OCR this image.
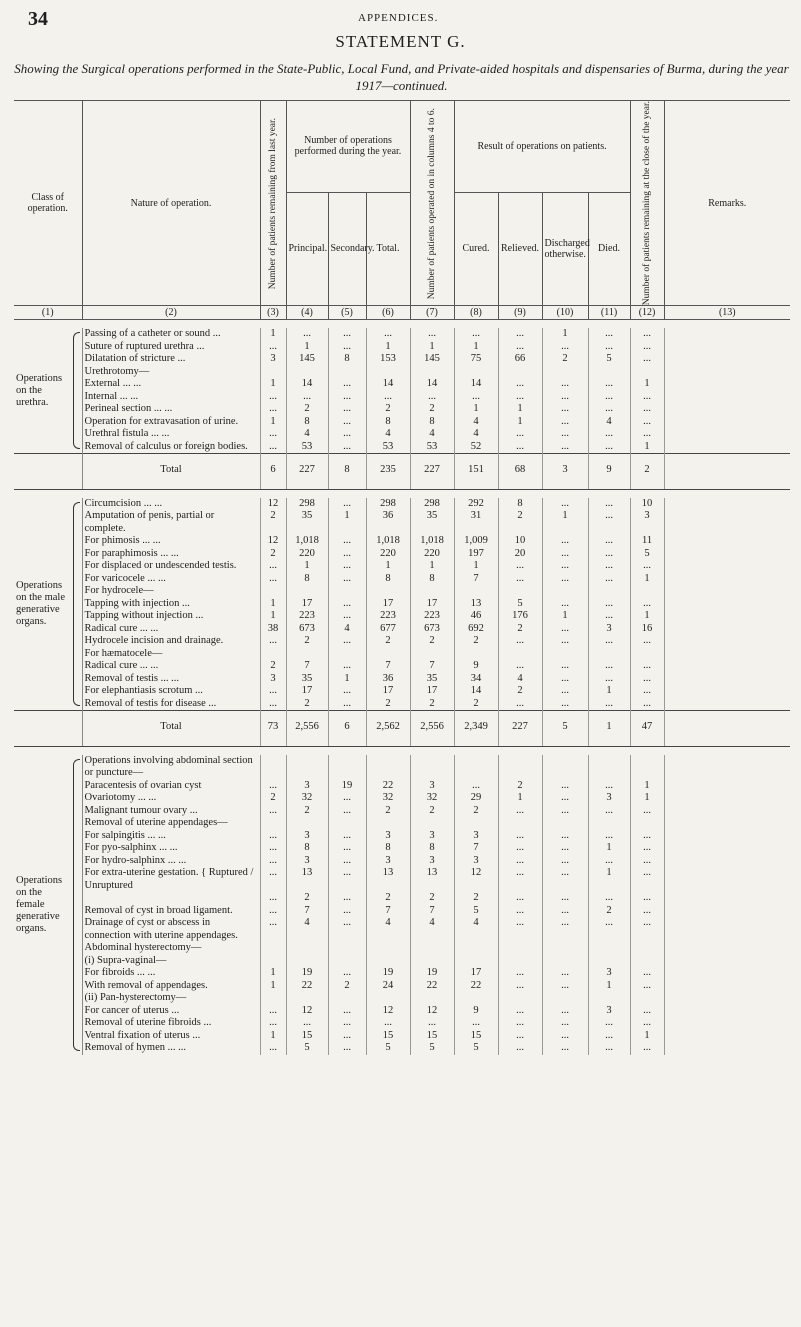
34	APPENDICES.
STATEMENT G.
Showing the Surgical operations performed in the State-Public, Local Fund, and Private-aided hospitals and dispensaries of Burma, during the year 1917—continued.
Class of operation.	Nature of operation.	Number of patients remaining from last year.	Number of operations performed during the year.			Number of patients operated on in columns 4 to 6.	Result of operations on patients.				Number of patients remaining at the close of the year.	Remarks.
			Principal.	Secondary.	Total.		Cured.	Relieved.	Discharged otherwise.	Died.		
(1)	(2)	(3)	(4)	(5)	(6)	(7)	(8)	(9)	(10)	(11)	(12)	(13)

Operations on the urethra.	Passing of a catheter or sound ...	1	...	...	...	...	...	...	1	...	...	
	Suture of ruptured urethra ...	...	1	...	1	1	1	...	...	...	...	
	Dilatation of stricture ...	3	145	8	153	145	75	66	2	5	...	
	Urethrotomy—											
	External ... ...	1	14	...	14	14	14	...	...	...	1	
	Internal ... ...	...	...	...	...	...	...	...	...	...	...	
	Perineal section ... ...	...	2	...	2	2	1	1	...	...	...	
	Operation for extravasation of urine.	1	8	...	8	8	4	1	...	4	...	
	Urethral fistula ... ...	...	4	...	4	4	4	...	...	...	...	
	Removal of calculus or foreign bodies.	...	53	...	53	53	52	...	...	...	1	
	Total	6	227	8	235	227	151	68	3	9	2	

Operations on the male generative organs.	Circumcision ... ...	12	298	...	298	298	292	8	...	...	10	
	Amputation of penis, partial or complete.	2	35	1	36	35	31	2	1	...	3	
	For phimosis ... ...	12	1,018	...	1,018	1,018	1,009	10	...	...	11	
	For paraphimosis ... ...	2	220	...	220	220	197	20	...	...	5	
	For displaced or undescended testis.	...	1	...	1	1	1	...	...	...	...	
	For varicocele ... ...	...	8	...	8	8	7	...	...	...	1	
	For hydrocele—											
	Tapping with injection ...	1	17	...	17	17	13	5	...	...	...	
	Tapping without injection ...	1	223	...	223	223	46	176	1	...	1	
	Radical cure ... ...	38	673	4	677	673	692	2	...	3	16	
	Hydrocele incision and drainage.	...	2	...	2	2	2	...	...	...	...	
	For hæmatocele—											
	Radical cure ... ...	2	7	...	7	7	9	...	...	...	...	
	Removal of testis ... ...	3	35	1	36	35	34	4	...	...	...	
	For elephantiasis scrotum ...	...	17	...	17	17	14	2	...	1	...	
	Removal of testis for disease ...	...	2	...	2	2	2	...	...	...	...	
	Total	73	2,556	6	2,562	2,556	2,349	227	5	1	47	

Operations on the female generative organs.	Operations involving abdominal section or puncture—											
	Paracentesis of ovarian cyst	...	3	19	22	3	...	2	...	...	1	
	Ovariotomy ... ...	2	32	...	32	32	29	1	...	3	1	
	Malignant tumour ovary ...	...	2	...	2	2	2	...	...	...	...	
	Removal of uterine appendages—											
	For salpingitis ... ...	...	3	...	3	3	3	...	...	...	...	
	For pyo-salphinx ... ...	...	8	...	8	8	7	...	...	1	...	
	For hydro-salphinx ... ...	...	3	...	3	3	3	...	...	...	...	
	For extra-uterine gestation. { Ruptured / Unruptured	...	13	...	13	13	12	...	...	1	...	
		...	2	...	2	2	2	...	...	...	...	
	Removal of cyst in broad ligament.	...	7	...	7	7	5	...	...	2	...	
	Drainage of cyst or abscess in connection with uterine appendages.	...	4	...	4	4	4	...	...	...	...	
	Abdominal hysterectomy—											
	(i) Supra-vaginal—											
	For fibroids ... ...	1	19	...	19	19	17	...	...	3	...	
	With removal of appendages.	1	22	2	24	22	22	...	...	1	...	
	(ii) Pan-hysterectomy—											
	For cancer of uterus ...	...	12	...	12	12	9	...	...	3	...	
	Removal of uterine fibroids ...	...	...	...	...	...	...	...	...	...	...	
	Ventral fixation of uterus ...	1	15	...	15	15	15	...	...	...	1	
	Removal of hymen ... ...	...	5	...	5	5	5	...	...	...	...	
